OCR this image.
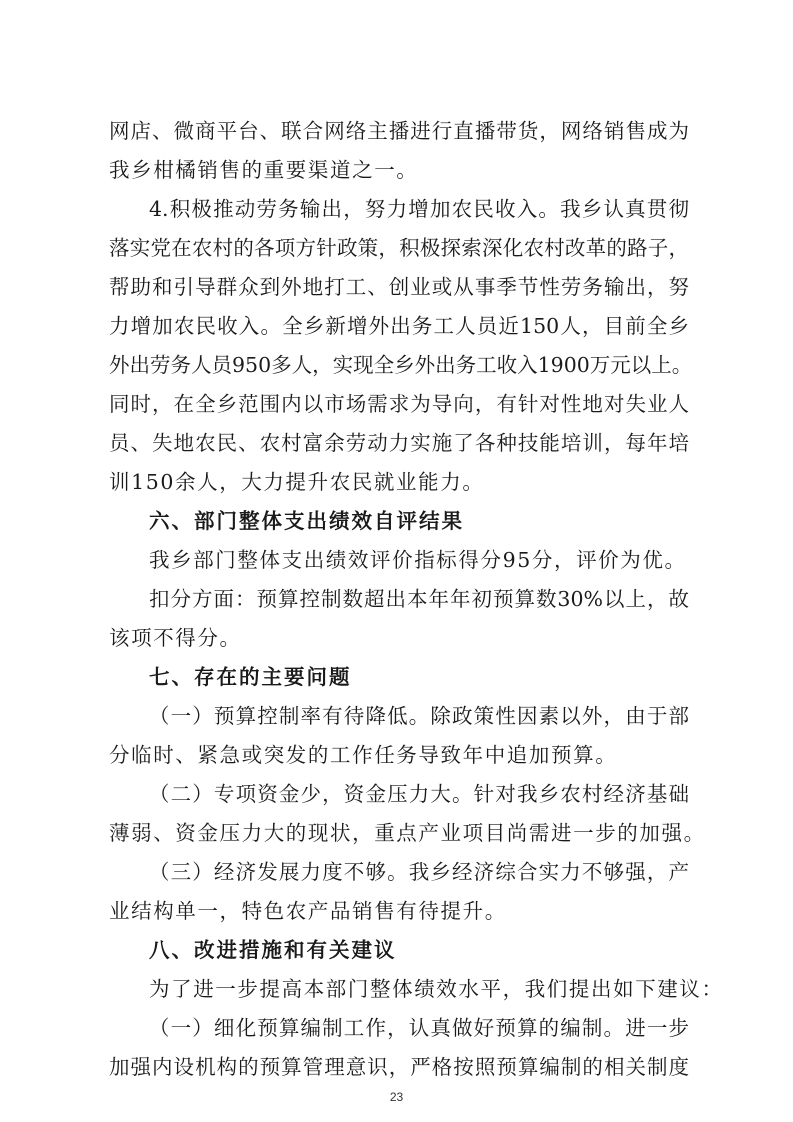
网店、微商平台、联合网络主播进行直播带货，网络销售成为
我乡柑橘销售的重要渠道之一。
4.积极推动劳务输出，努力增加农民收入。我乡认真贯彻
落实党在农村的各项方针政策，积极探索深化农村改革的路子，
帮助和引导群众到外地打工、创业或从事季节性劳务输出，努
力增加农民收入。全乡新增外出务工人员近150人，目前全乡
外出劳务人员950多人，实现全乡外出务工收入1900万元以上。
同时，在全乡范围内以市场需求为导向，有针对性地对失业人
员、失地农民、农村富余劳动力实施了各种技能培训，每年培
训150余人，大力提升农民就业能力。
六、部门整体支出绩效自评结果
我乡部门整体支出绩效评价指标得分95分，评价为优。
扣分方面：预算控制数超出本年年初预算数30%以上，故
该项不得分。
七、存在的主要问题
（一）预算控制率有待降低。除政策性因素以外，由于部
分临时、紧急或突发的工作任务导致年中追加预算。
（二）专项资金少，资金压力大。针对我乡农村经济基础
薄弱、资金压力大的现状，重点产业项目尚需进一步的加强。
（三）经济发展力度不够。我乡经济综合实力不够强，产
业结构单一，特色农产品销售有待提升。
八、改进措施和有关建议
为了进一步提高本部门整体绩效水平，我们提出如下建议：
（一）细化预算编制工作，认真做好预算的编制。进一步
加强内设机构的预算管理意识，严格按照预算编制的相关制度
23
